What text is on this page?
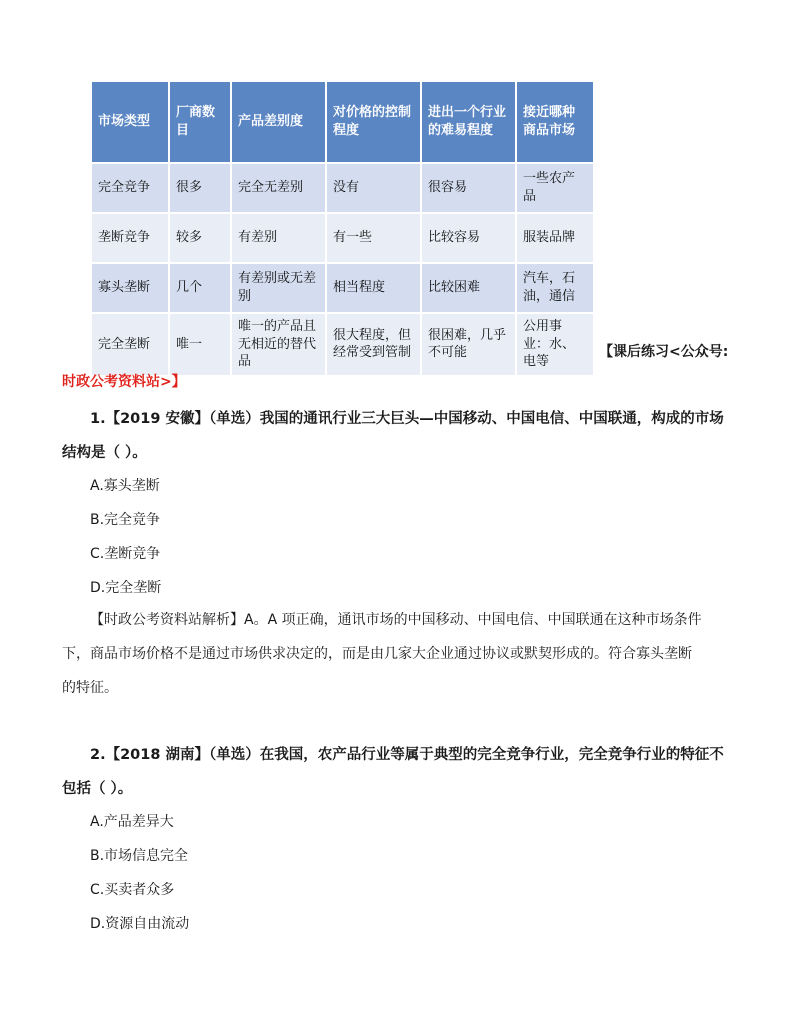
市场类型	厂商数目	产品差别度	对价格的控制程度	进出一个行业的难易程度	接近哪种商品市场
完全竞争	很多	完全无差别	没有	很容易	一些农产品
垄断竞争	较多	有差别	有一些	比较容易	服装品牌
寡头垄断	几个	有差别或无差别	相当程度	比较困难	汽车，石油，通信
完全垄断	唯一	唯一的产品且无相近的替代品	很大程度，但经常受到管制	很困难，几乎不可能	公用事业：水、电等
【课后练习<公众号:
时政公考资料站>】
1.【2019 安徽】（单选）我国的通讯行业三大巨头—中国移动、中国电信、中国联通，构成的市场
结构是（ ）。
A.寡头垄断
B.完全竞争
C.垄断竞争
D.完全垄断
【时政公考资料站解析】A。A 项正确，通讯市场的中国移动、中国电信、中国联通在这种市场条件
下，商品市场价格不是通过市场供求决定的，而是由几家大企业通过协议或默契形成的。符合寡头垄断
的特征。
2.【2018 湖南】（单选）在我国，农产品行业等属于典型的完全竞争行业，完全竞争行业的特征不
包括（ ）。
A.产品差异大
B.市场信息完全
C.买卖者众多
D.资源自由流动
